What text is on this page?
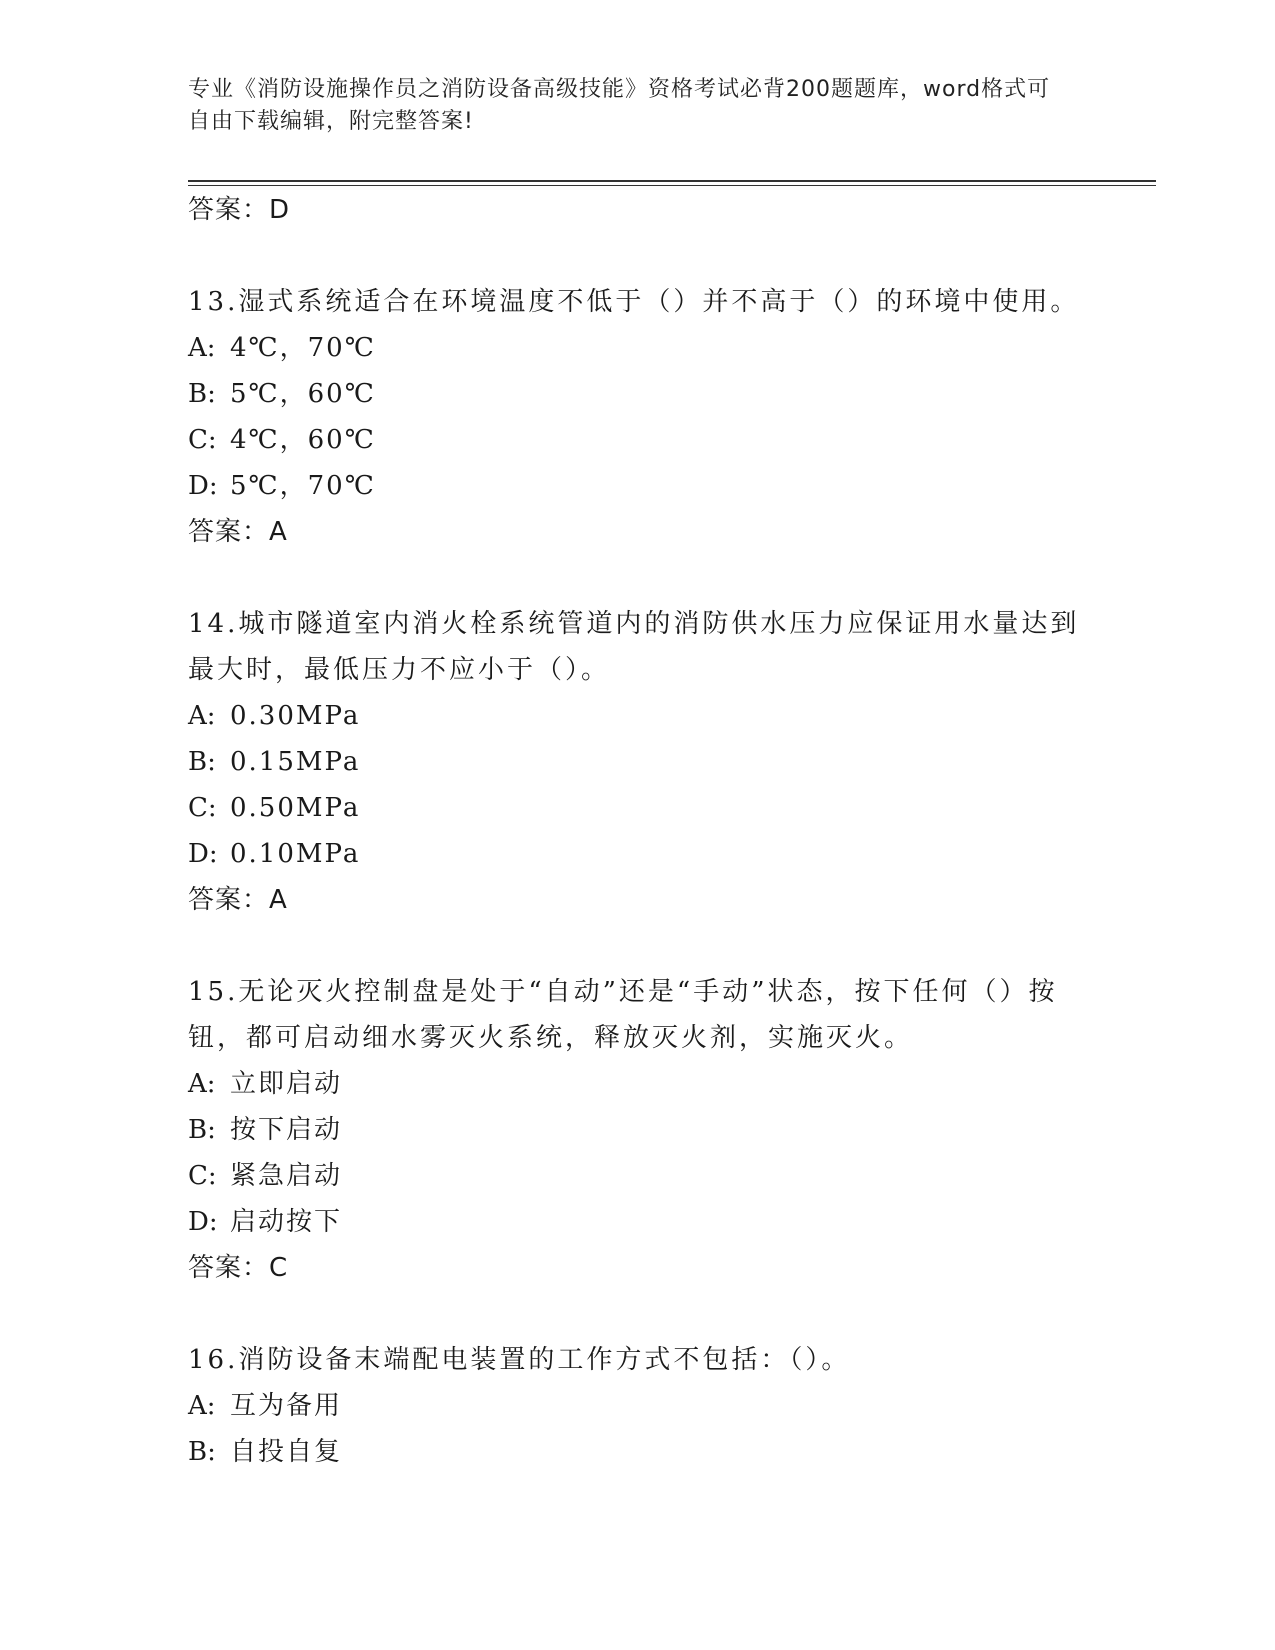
专业《消防设施操作员之消防设备高级技能》资格考试必背200题题库，word格式可自由下载编辑，附完整答案!
答案：D

13.湿式系统适合在环境温度不低于（）并不高于（）的环境中使用。

A: 4℃，70℃
B: 5℃，60℃
C: 4℃，60℃
D: 5℃，70℃
答案：A

14.城市隧道室内消火栓系统管道内的消防供水压力应保证用水量达到最大时，最低压力不应小于（）。

A: 0.30MPa
B: 0.15MPa
C: 0.50MPa
D: 0.10MPa
答案：A

15.无论灭火控制盘是处于“自动”还是“手动”状态，按下任何（）按钮，都可启动细水雾灭火系统，释放灭火剂，实施灭火。

A: 立即启动
B: 按下启动
C: 紧急启动
D: 启动按下
答案：C

16.消防设备末端配电装置的工作方式不包括：（）。

A: 互为备用
B: 自投自复
